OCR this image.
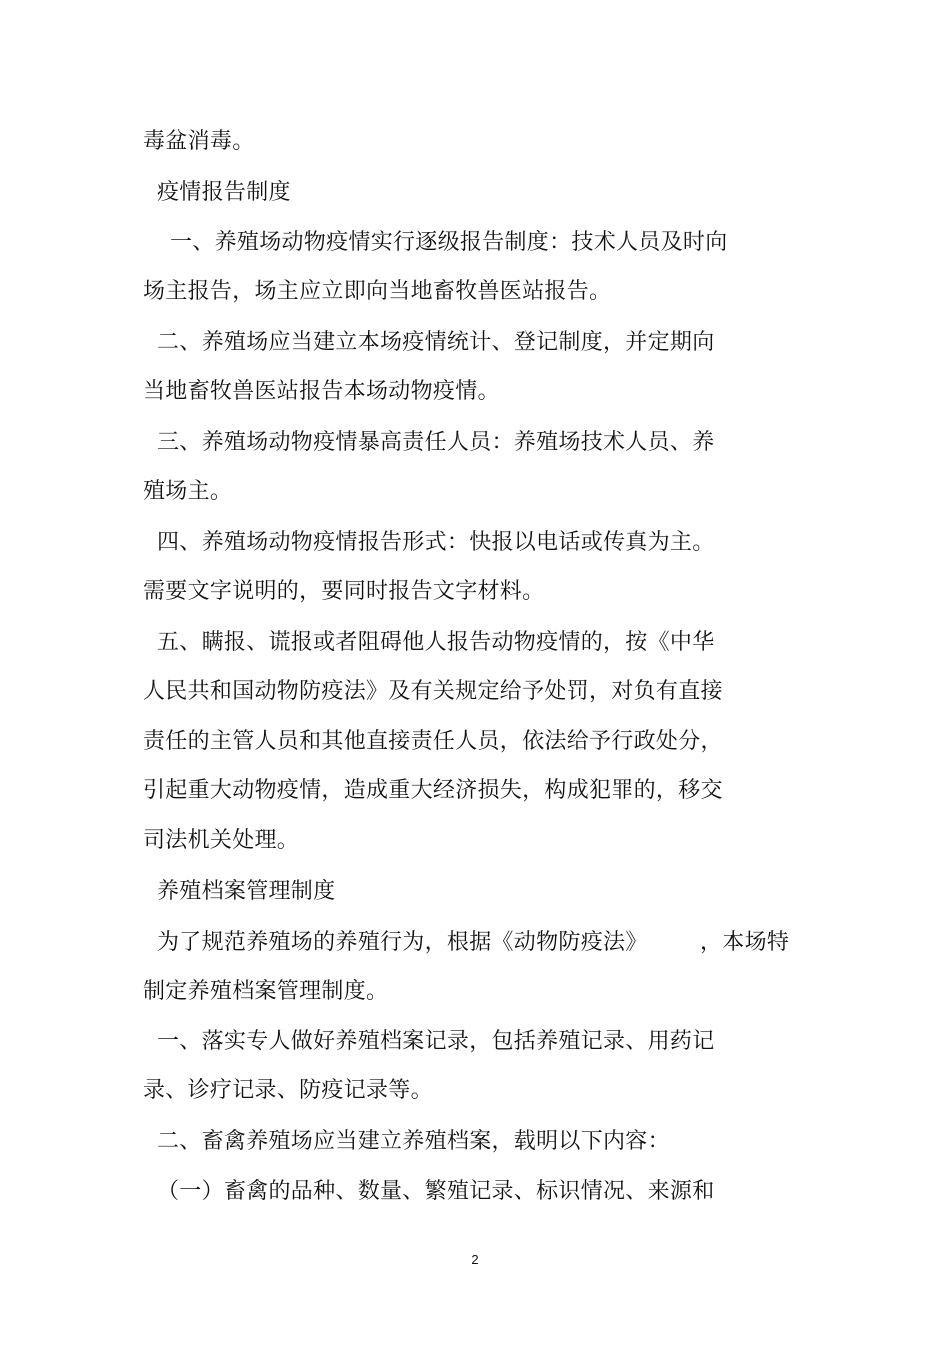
毒盆消毒。
疫情报告制度
一、养殖场动物疫情实行逐级报告制度：技术人员及时向
场主报告，场主应立即向当地畜牧兽医站报告。
二、养殖场应当建立本场疫情统计、登记制度，并定期向
当地畜牧兽医站报告本场动物疫情。
三、养殖场动物疫情暴高责任人员：养殖场技术人员、养
殖场主。
四、养殖场动物疫情报告形式：快报以电话或传真为主。
需要文字说明的，要同时报告文字材料。
五、瞒报、谎报或者阻碍他人报告动物疫情的，按《中华
人民共和国动物防疫法》及有关规定给予处罚，对负有直接
责任的主管人员和其他直接责任人员，依法给予行政处分，
引起重大动物疫情，造成重大经济损失，构成犯罪的，移交
司法机关处理。
养殖档案管理制度
为了规范养殖场的养殖行为，根据《动物防疫法》 ，本场特
制定养殖档案管理制度。
一、落实专人做好养殖档案记录，包括养殖记录、用药记
录、诊疗记录、防疫记录等。
二、畜禽养殖场应当建立养殖档案，载明以下内容：
（一）畜禽的品种、数量、繁殖记录、标识情况、来源和
2
